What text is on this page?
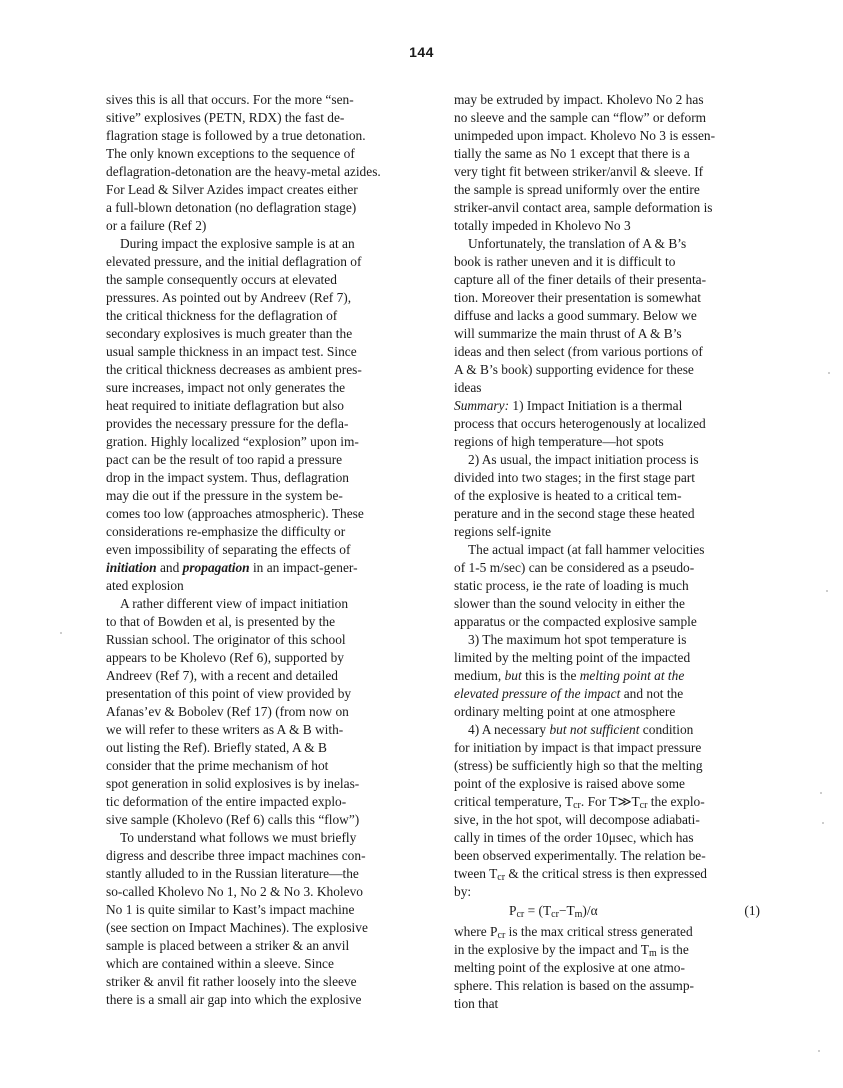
144
sives this is all that occurs. For the more “sen-
sitive” explosives (PETN, RDX) the fast de-
flagration stage is followed by a true detonation.
The only known exceptions to the sequence of
deflagration-detonation are the heavy-metal azides.
For Lead & Silver Azides impact creates either
a full-blown detonation (no deflagration stage)
or a failure (Ref 2)
During impact the explosive sample is at an
elevated pressure, and the initial deflagration of
the sample consequently occurs at elevated
pressures. As pointed out by Andreev (Ref 7),
the critical thickness for the deflagration of
secondary explosives is much greater than the
usual sample thickness in an impact test. Since
the critical thickness decreases as ambient pres-
sure increases, impact not only generates the
heat required to initiate deflagration but also
provides the necessary pressure for the defla-
gration. Highly localized “explosion” upon im-
pact can be the result of too rapid a pressure
drop in the impact system. Thus, deflagration
may die out if the pressure in the system be-
comes too low (approaches atmospheric). These
considerations re-emphasize the difficulty or
even impossibility of separating the effects of
initiation and propagation in an impact-gener-
ated explosion
A rather different view of impact initiation
to that of Bowden et al, is presented by the
Russian school. The originator of this school
appears to be Kholevo (Ref 6), supported by
Andreev (Ref 7), with a recent and detailed
presentation of this point of view provided by
Afanas’ev & Bobolev (Ref 17) (from now on
we will refer to these writers as A & B with-
out listing the Ref). Briefly stated, A & B
consider that the prime mechanism of hot
spot generation in solid explosives is by inelas-
tic deformation of the entire impacted explo-
sive sample (Kholevo (Ref 6) calls this “flow”)
To understand what follows we must briefly
digress and describe three impact machines con-
stantly alluded to in the Russian literature—the
so-called Kholevo No 1, No 2 & No 3. Kholevo
No 1 is quite similar to Kast’s impact machine
(see section on Impact Machines). The explosive
sample is placed between a striker & an anvil
which are contained within a sleeve. Since
striker & anvil fit rather loosely into the sleeve
there is a small air gap into which the explosive
may be extruded by impact. Kholevo No 2 has
no sleeve and the sample can “flow” or deform
unimpeded upon impact. Kholevo No 3 is essen-
tially the same as No 1 except that there is a
very tight fit between striker/anvil & sleeve. If
the sample is spread uniformly over the entire
striker-anvil contact area, sample deformation is
totally impeded in Kholevo No 3
Unfortunately, the translation of A & B’s
book is rather uneven and it is difficult to
capture all of the finer details of their presenta-
tion. Moreover their presentation is somewhat
diffuse and lacks a good summary. Below we
will summarize the main thrust of A & B’s
ideas and then select (from various portions of
A & B’s book) supporting evidence for these
ideas
Summary: 1) Impact Initiation is a thermal
process that occurs heterogenously at localized
regions of high temperature—hot spots
2) As usual, the impact initiation process is
divided into two stages; in the first stage part
of the explosive is heated to a critical tem-
perature and in the second stage these heated
regions self-ignite
The actual impact (at fall hammer velocities
of 1-5 m/sec) can be considered as a pseudo-
static process, ie the rate of loading is much
slower than the sound velocity in either the
apparatus or the compacted explosive sample
3) The maximum hot spot temperature is
limited by the melting point of the impacted
medium, but this is the melting point at the
elevated pressure of the impact and not the
ordinary melting point at one atmosphere
4) A necessary but not sufficient condition
for initiation by impact is that impact pressure
(stress) be sufficiently high so that the melting
point of the explosive is raised above some
critical temperature, $T_{cr}$. For $T≫T_{cr}$ the explo-
sive, in the hot spot, will decompose adiabati-
cally in times of the order 10μsec, which has
been observed experimentally. The relation be-
tween $T_{cr}$ & the critical stress is then expressed
by:
$P_{cr} = (T_{cr}-T_m)/\alpha$	(1)
where $P_{cr}$ is the max critical stress generated
in the explosive by the impact and $T_m$ is the
melting point of the explosive at one atmo-
sphere. This relation is based on the assump-
tion that
